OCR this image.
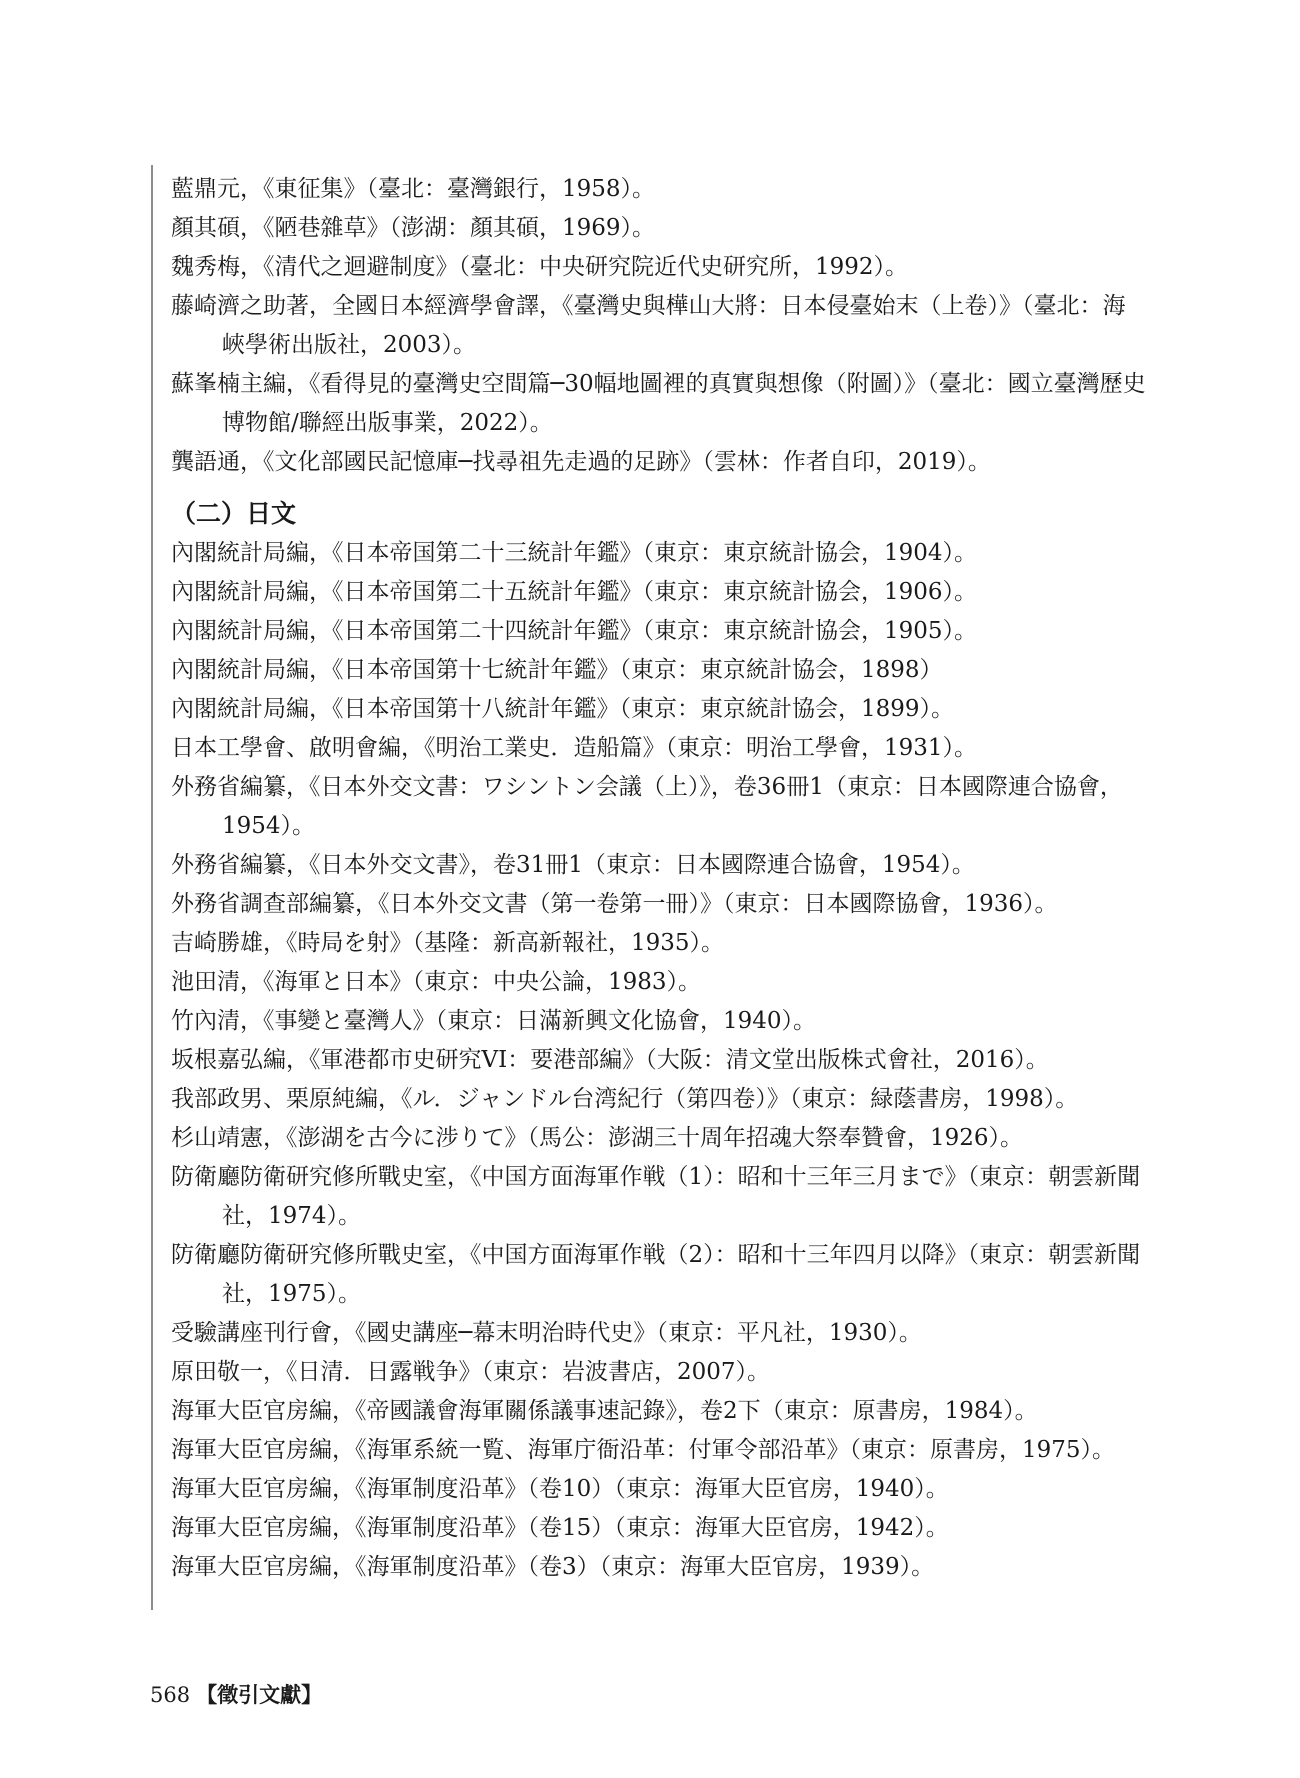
藍鼎元，《東征集》（臺北：臺灣銀行，1958）。

顏其碩，《陋巷雜草》（澎湖：顏其碩，1969）。

魏秀梅，《清代之迴避制度》（臺北：中央研究院近代史研究所，1992）。

藤崎濟之助著，全國日本經濟學會譯，《臺灣史與樺山大將：日本侵臺始末（上卷）》（臺北：海峽學術出版社，2003）。

蘇峯楠主編，《看得見的臺灣史空間篇─30幅地圖裡的真實與想像（附圖）》（臺北：國立臺灣歷史博物館/聯經出版事業，2022）。

龔語通，《文化部國民記憶庫─找尋祖先走過的足跡》（雲林：作者自印，2019）。

（二）日文

內閣統計局編，《日本帝国第二十三統計年鑑》（東京：東京統計協会，1904）。

內閣統計局編，《日本帝国第二十五統計年鑑》（東京：東京統計協会，1906）。

內閣統計局編，《日本帝国第二十四統計年鑑》（東京：東京統計協会，1905）。

內閣統計局編，《日本帝国第十七統計年鑑》（東京：東京統計協会，1898）

內閣統計局編，《日本帝国第十八統計年鑑》（東京：東京統計協会，1899）。

日本工學會、啟明會編，《明治工業史．造船篇》（東京：明治工學會，1931）。

外務省編纂，《日本外交文書：ワシントン会議（上）》，卷36冊1（東京：日本國際連合協會，1954）。

外務省編纂，《日本外交文書》，卷31冊1（東京：日本國際連合協會，1954）。

外務省調查部編纂，《日本外交文書（第一卷第一冊）》（東京：日本國際協會，1936）。

吉崎勝雄，《時局を射》（基隆：新高新報社，1935）。

池田清，《海軍と日本》（東京：中央公論，1983）。

竹內清，《事變と臺灣人》（東京：日滿新興文化協會，1940）。

坂根嘉弘編，《軍港都市史研究VI：要港部編》（大阪：清文堂出版株式會社，2016）。

我部政男、栗原純編，《ル．ジャンドル台湾紀行（第四卷）》（東京：緑蔭書房，1998）。

杉山靖憲，《澎湖を古今に涉りて》（馬公：澎湖三十周年招魂大祭奉贊會，1926）。

防衛廳防衛研究修所戰史室，《中国方面海軍作戦（1）：昭和十三年三月まで》（東京：朝雲新聞社，1974）。

防衛廳防衛研究修所戰史室，《中国方面海軍作戦（2）：昭和十三年四月以降》（東京：朝雲新聞社，1975）。

受驗講座刊行會，《國史講座─幕末明治時代史》（東京：平凡社，1930）。

原田敬一，《日清．日露戦争》（東京：岩波書店，2007）。

海軍大臣官房編，《帝國議會海軍關係議事速記錄》，卷2下（東京：原書房，1984）。

海軍大臣官房編，《海軍系統一覧、海軍庁衙沿革：付軍令部沿革》（東京：原書房，1975）。

海軍大臣官房編，《海軍制度沿革》（卷10）（東京：海軍大臣官房，1940）。

海軍大臣官房編，《海軍制度沿革》（卷15）（東京：海軍大臣官房，1942）。

海軍大臣官房編，《海軍制度沿革》（卷3）（東京：海軍大臣官房，1939）。

568 【徵引文獻】
